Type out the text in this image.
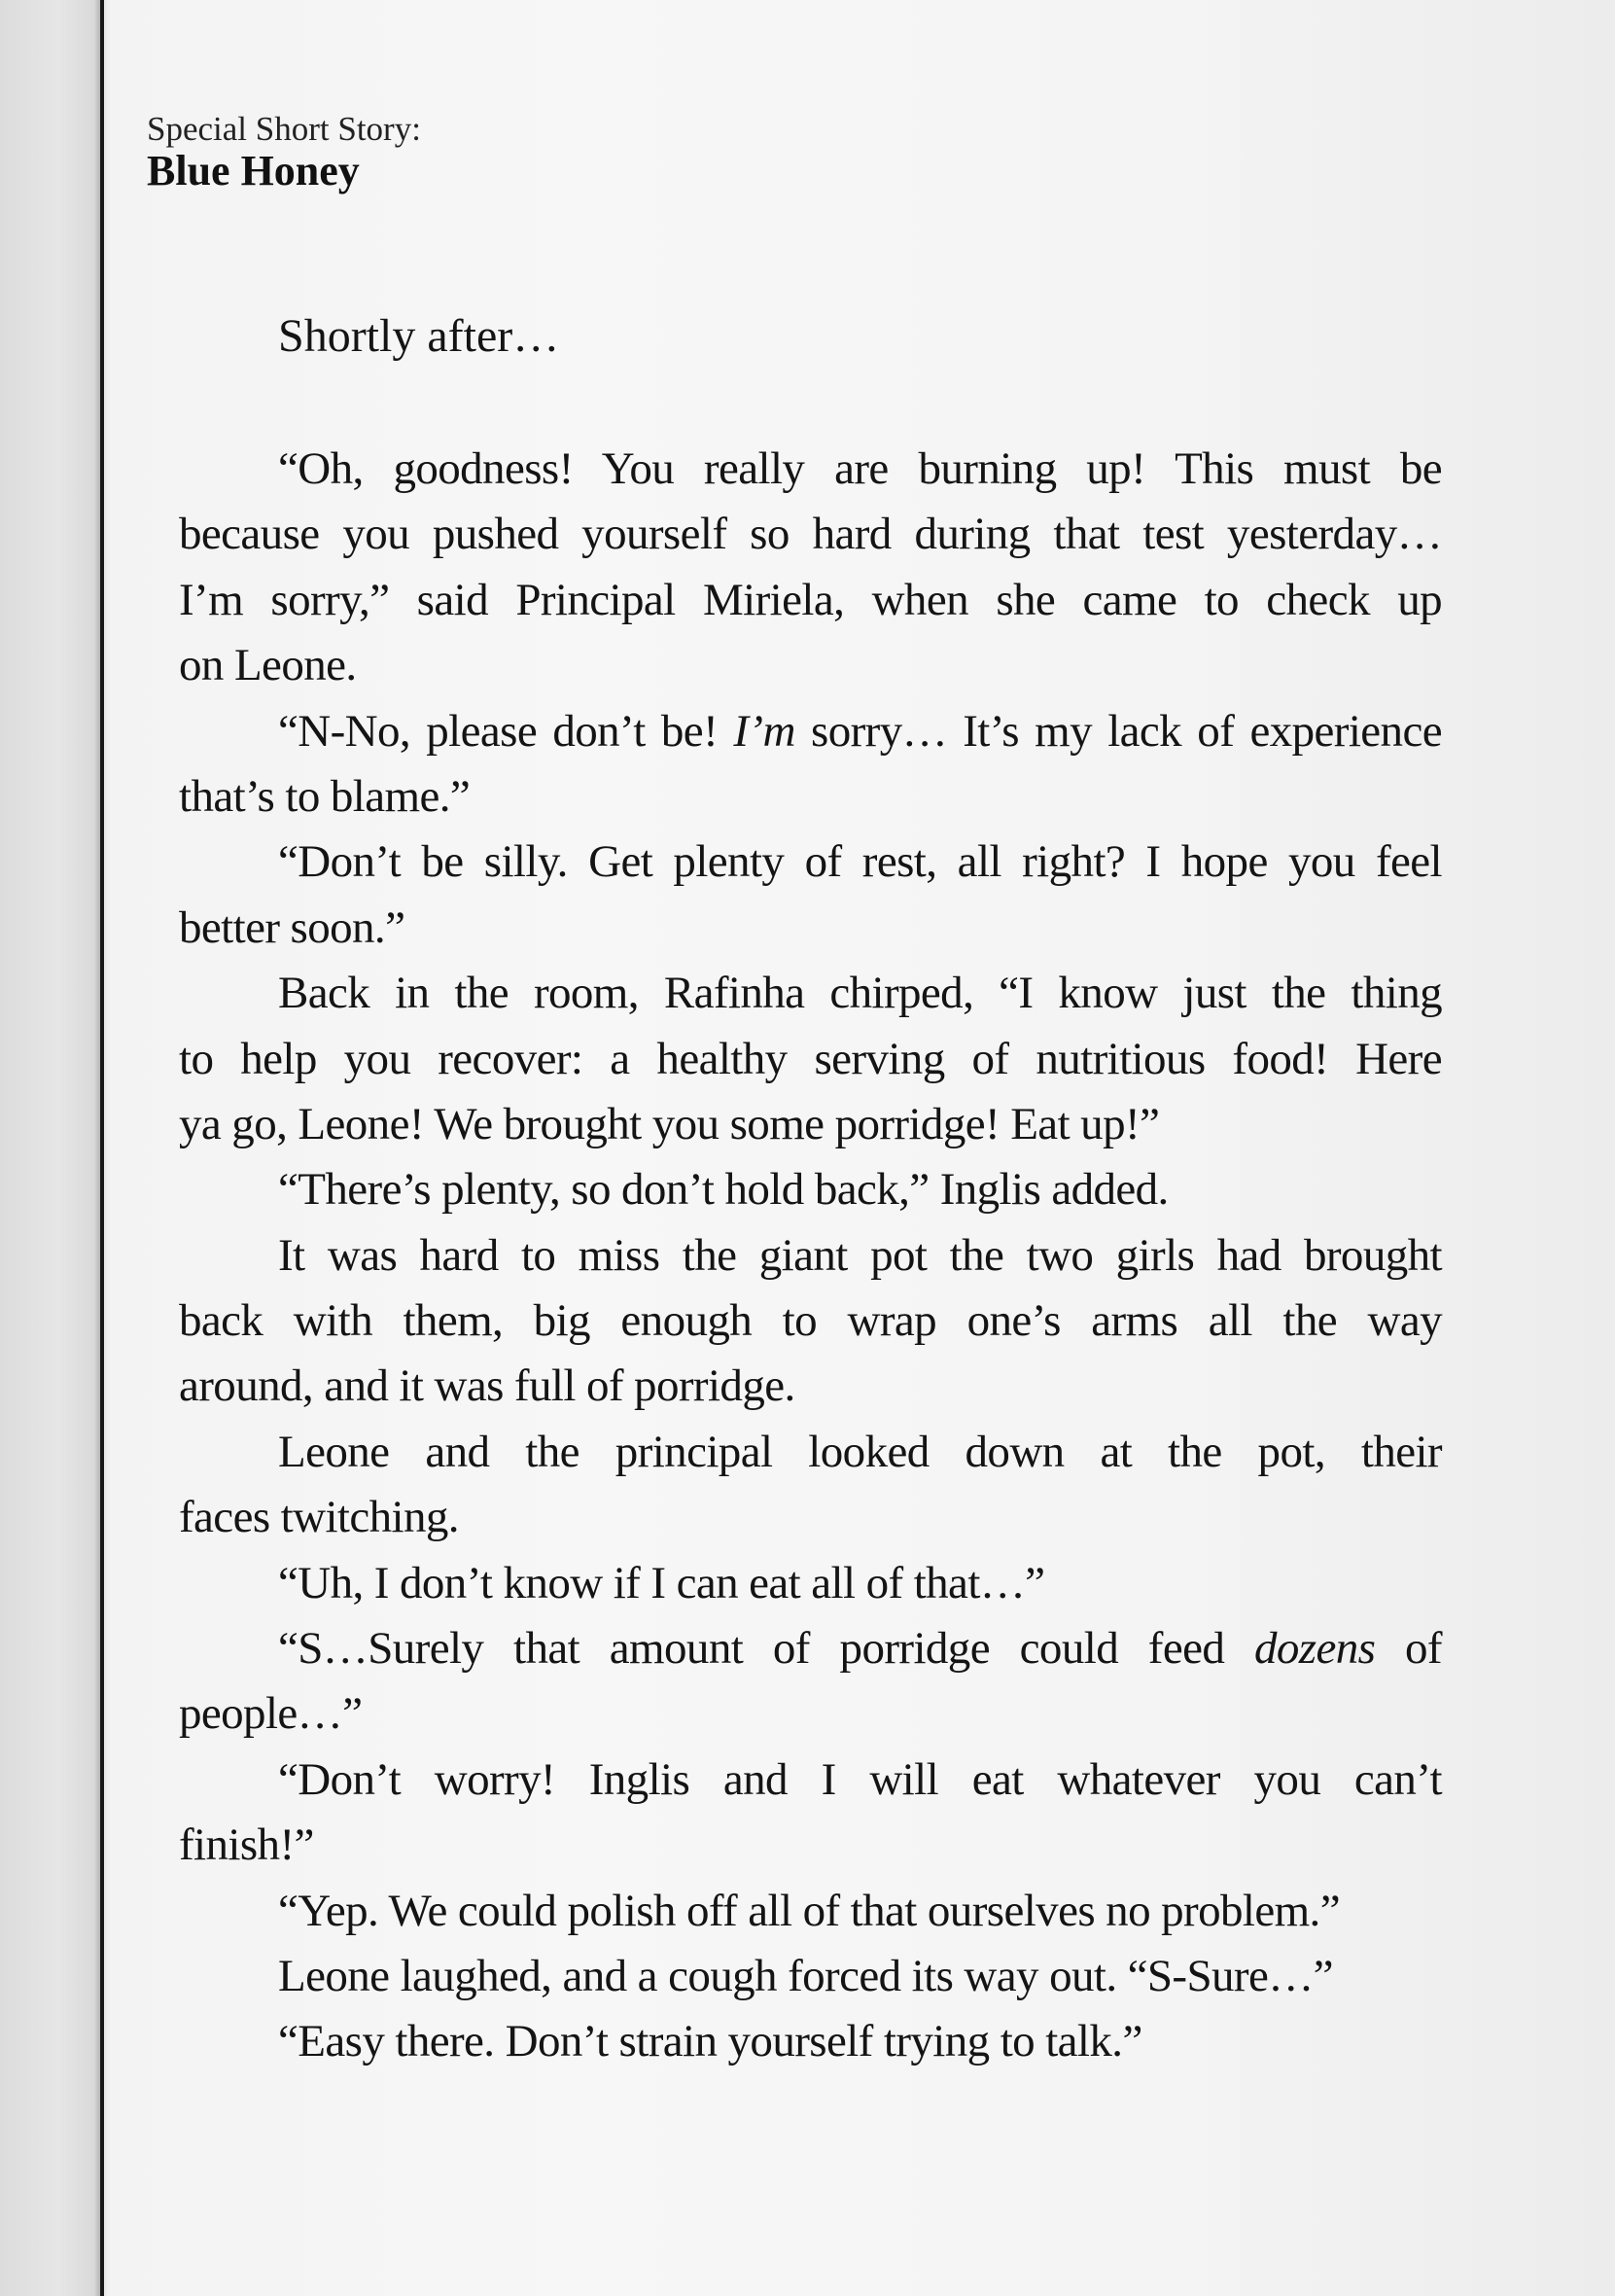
Special Short Story:
Blue Honey
Shortly after…
“Oh, goodness! You really are burning up! This must be
because you pushed yourself so hard during that test yesterday…
I’m sorry,” said Principal Miriela, when she came to check up
on Leone.
“N-No, please don’t be! I’m sorry… It’s my lack of experience
that’s to blame.”
“Don’t be silly. Get plenty of rest, all right? I hope you feel
better soon.”
Back in the room, Rafinha chirped, “I know just the thing
to help you recover: a healthy serving of nutritious food! Here
ya go, Leone! We brought you some porridge! Eat up!”
“There’s plenty, so don’t hold back,” Inglis added.
It was hard to miss the giant pot the two girls had brought
back with them, big enough to wrap one’s arms all the way
around, and it was full of porridge.
Leone and the principal looked down at the pot, their
faces twitching.
“Uh, I don’t know if I can eat all of that…”
“S…Surely that amount of porridge could feed dozens of
people…”
“Don’t worry! Inglis and I will eat whatever you can’t
finish!”
“Yep. We could polish off all of that ourselves no problem.”
Leone laughed, and a cough forced its way out. “S-Sure…”
“Easy there. Don’t strain yourself trying to talk.”
